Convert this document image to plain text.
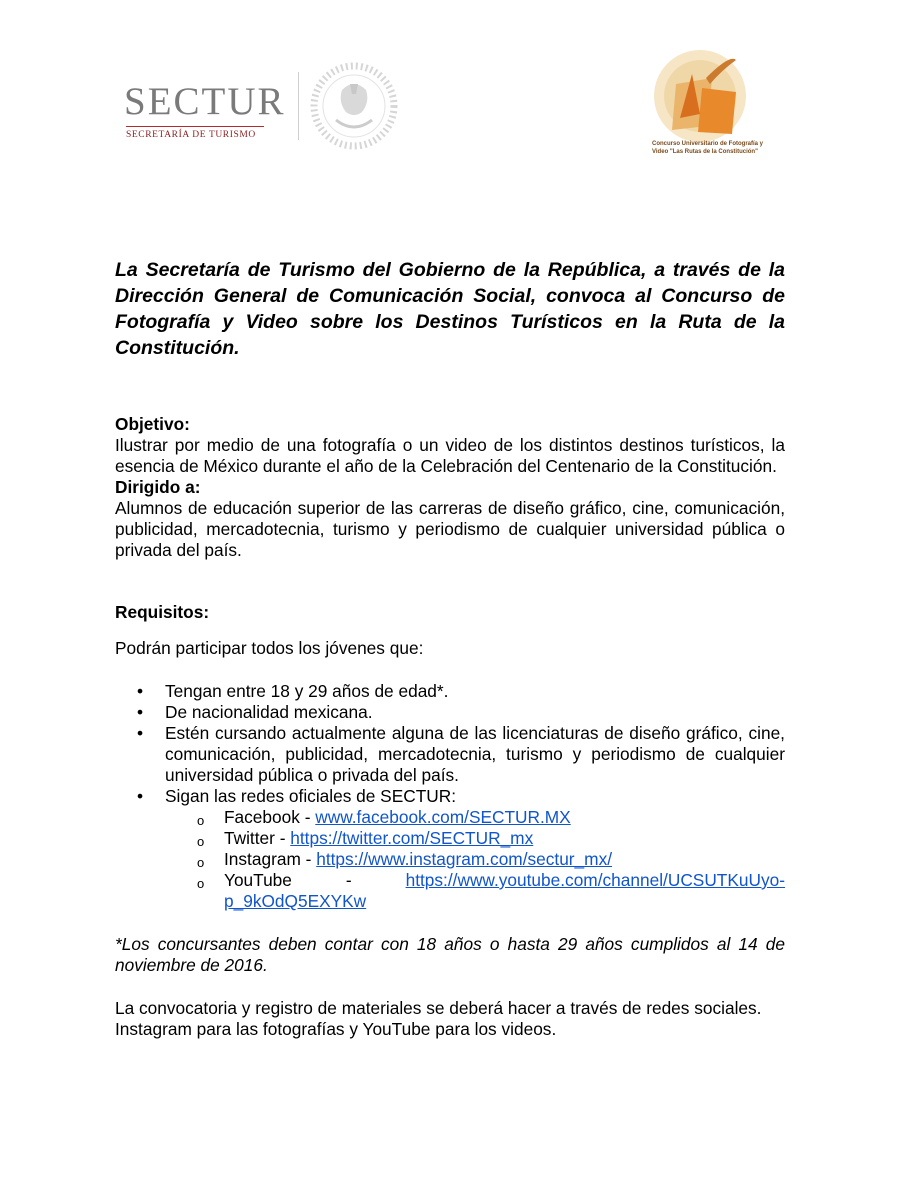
SECTUR
SECRETARÍA DE TURISMO
Concurso Universitario de Fotografía y
Video "Las Rutas de la Constitución"

La Secretaría de Turismo del Gobierno de la República, a través de la Dirección General de Comunicación Social, convoca al Concurso de Fotografía y Video sobre los Destinos Turísticos en la Ruta de la Constitución.

Objetivo:

Ilustrar por medio de una fotografía o un video de los distintos destinos turísticos, la esencia de México durante el año de la Celebración del Centenario de la Constitución.

Dirigido a:

Alumnos de educación superior de las carreras de diseño gráfico, cine, comunicación, publicidad, mercadotecnia, turismo y periodismo de cualquier universidad pública o privada del país.

Requisitos:

Podrán participar todos los jóvenes que:

• Tengan entre 18 y 29 años de edad*.
• De nacionalidad mexicana.
• Estén cursando actualmente alguna de las licenciaturas de diseño gráfico, cine, comunicación, publicidad, mercadotecnia, turismo y periodismo de cualquier universidad pública o privada del país.
• Sigan las redes oficiales de SECTUR:
o Facebook - www.facebook.com/SECTUR.MX
o Twitter - https://twitter.com/SECTUR_mx
o Instagram - https://www.instagram.com/sectur_mx/
o YouTube	-	https://www.youtube.com/channel/UCSUTKuUyo-
p_9kOdQ5EXYKw

*Los concursantes deben contar con 18 años o hasta 29 años cumplidos al 14 de noviembre de 2016.

La convocatoria y registro de materiales se deberá hacer a través de redes sociales. Instagram para las fotografías y YouTube para los videos.
